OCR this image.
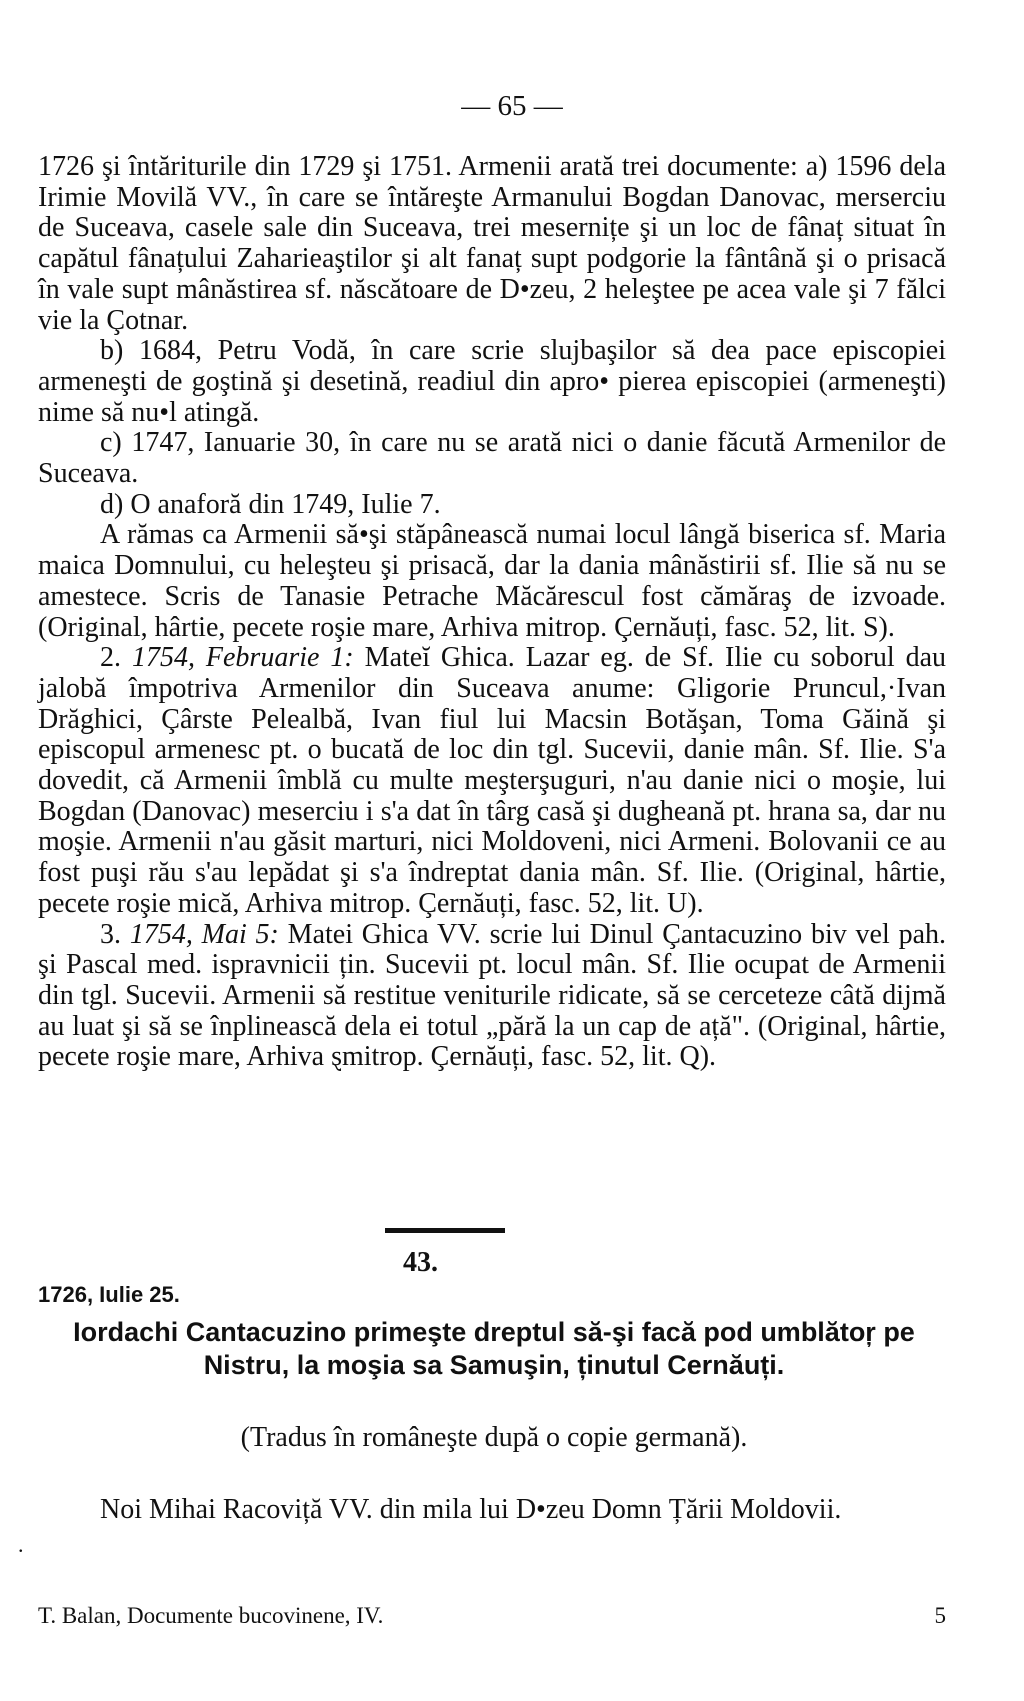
— 65 —

1726 şi întăriturile din 1729 şi 1751. Armenii arată trei documente: a) 1596 dela Irimie Movilă VV., în care se întăreşte Armanului Bogdan Danovac, merserciu de Suceava, casele sale din Suceava, trei mesernițe şi un loc de fânaț situat în capătul fânațului Zaharieaştilor şi alt fanaț supt podgorie la fântână şi o prisacă în vale supt mânăstirea sf. născătoare de D•zeu, 2 heleştee pe acea vale şi 7 fălci vie la Çotnar.

b) 1684, Petru Vodă, în care scrie slujbaşilor să dea pace episcopiei armeneşti de goştină şi desetină, readiul din apro• pierea episcopiei (armeneşti) nime să nu•l atingă.

c) 1747, Ianuarie 30, în care nu se arată nici o danie făcută Armenilor de Suceava.

d) O anaforă din 1749, Iulie 7.

A rămas ca Armenii să•şi stăpânească numai locul lângă biserica sf. Maria maica Domnului, cu heleşteu şi prisacă, dar la dania mânăstirii sf. Ilie să nu se amestece. Scris de Tanasie Petrache Măcărescul fost cămăraş de izvoade. (Original, hârtie, pecete roşie mare, Arhiva mitrop. Çernăuți, fasc. 52, lit. S).

2. 1754, Februarie 1: Mateĭ Ghica. Lazar eg. de Sf. Ilie cu soborul dau jalobă împotriva Armenilor din Suceava anume: Gligorie Pruncul,·Ivan Drăghici, Çârste Pelealbă, Ivan fiul lui Macsin Botăşan, Toma Găină şi episcopul armenesc pt. o bucată de loc din tgl. Sucevii, danie mân. Sf. Ilie. S'a dovedit, că Armenii îmblă cu multe meşterşuguri, n'au danie nici o moşie, lui Bogdan (Danovac) meserciu i s'a dat în târg casă şi dugheană pt. hrana sa, dar nu moşie. Armenii n'au găsit marturi, nici Moldoveni, nici Armeni. Bolovanii ce au fost puşi rău s'au lepădat şi s'a îndreptat dania mân. Sf. Ilie. (Original, hârtie, pecete roşie mică, Arhiva mitrop. Çernăuți, fasc. 52, lit. U).

3. 1754, Mai 5: Matei Ghica VV. scrie lui Dinul Çantacuzino biv vel pah. şi Pascal med. ispravnicii țin. Sucevii pt. locul mân. Sf. Ilie ocupat de Armenii din tgl. Sucevii. Armenii să restitue veniturile ridicate, să se cerceteze câtă dijmă au luat şi să se înplinească dela ei totul „pără la un cap de ață". (Original, hârtie, pecete roşie mare, Arhiva ȿmitrop. Çernăuți, fasc. 52, lit. Q).

43.
1726, Iulie 25.
Iordachi Cantacuzino primeşte dreptul să-şi facă pod umblătoŗ pe Nistru, la moşia sa Samuşin, ținutul Cernăuți.
(Tradus în româneşte după o copie germană).

Noi Mihai Racoviță VV. din mila lui D•zeu Domn Țării Moldovii.

.
T. Balan, Documente bucovinene, IV.	5
